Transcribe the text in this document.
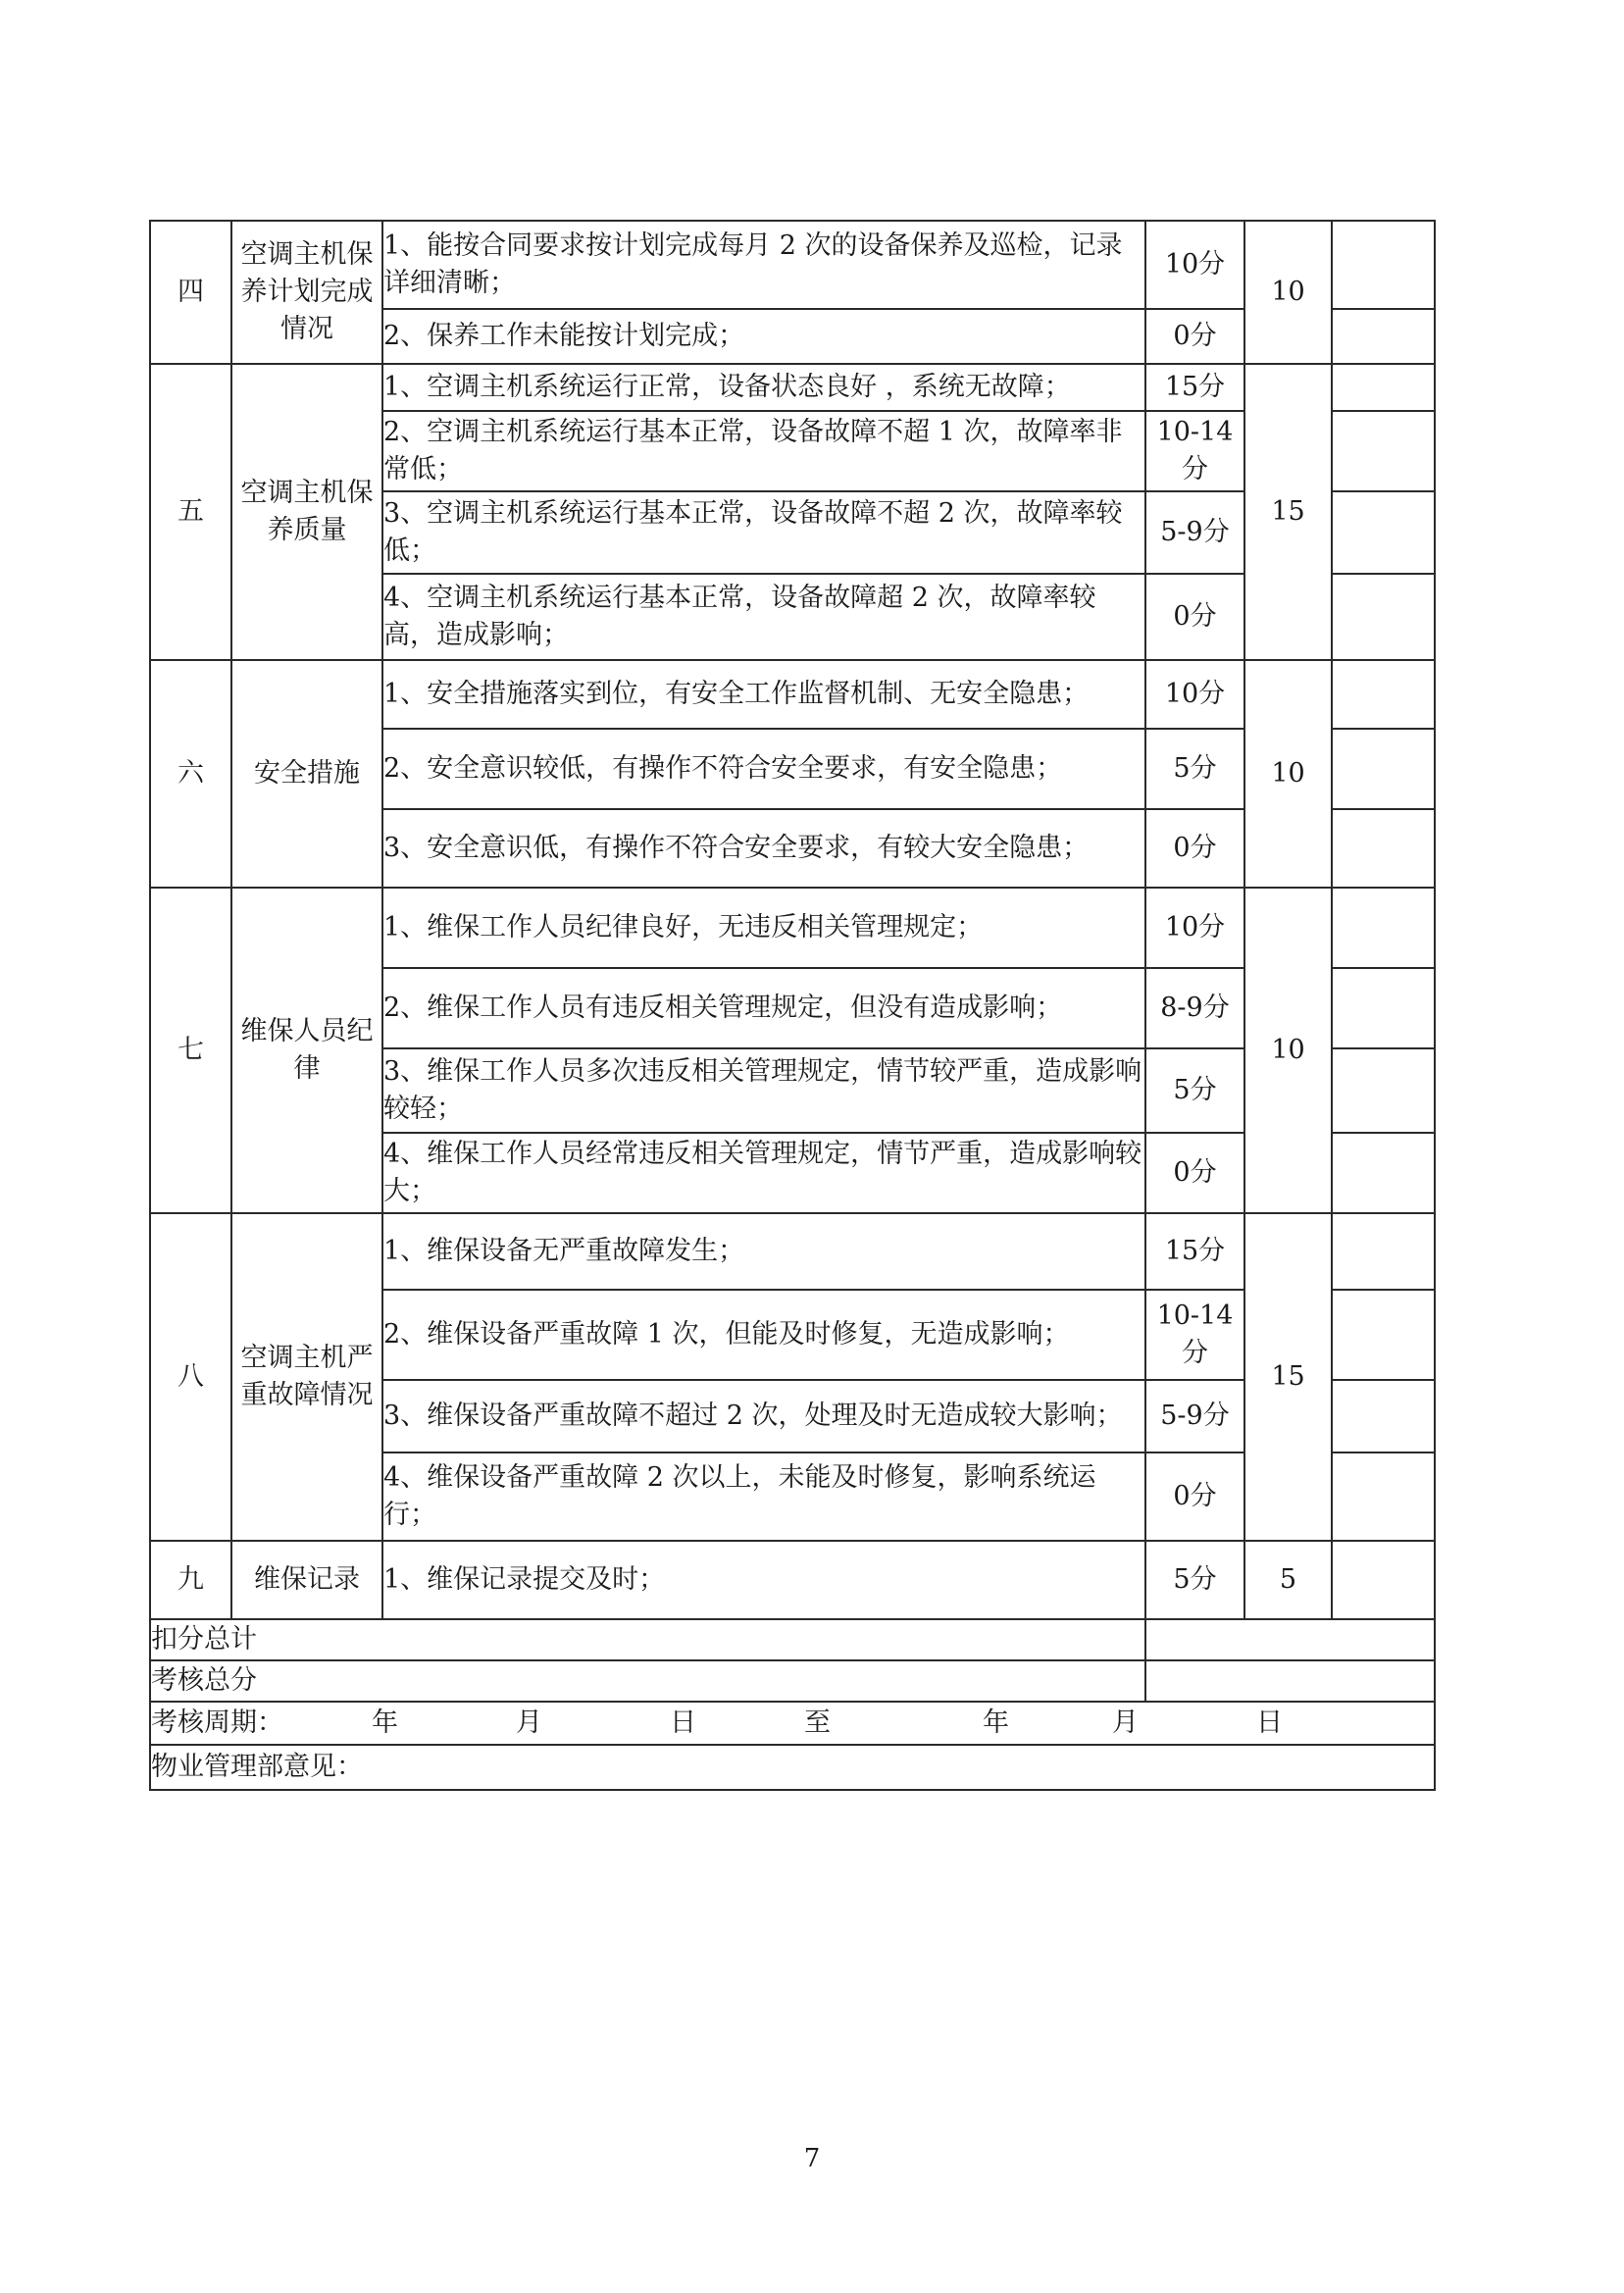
四	空调主机保养计划完成情况	1、能按合同要求按计划完成每月 2 次的设备保养及巡检，记录详细清晰；	10分	10	
		2、保养工作未能按计划完成；	0分		
五	空调主机保养质量	1、空调主机系统运行正常，设备状态良好 ，系统无故障；	15分	15	
		2、空调主机系统运行基本正常，设备故障不超 1 次，故障率非常低；	10-14分		
		3、空调主机系统运行基本正常，设备故障不超 2 次，故障率较低；	5-9分		
		4、空调主机系统运行基本正常，设备故障超 2 次，故障率较高，造成影响；	0分		
六	安全措施	1、安全措施落实到位，有安全工作监督机制、无安全隐患；	10分	10	
		2、安全意识较低，有操作不符合安全要求，有安全隐患；	5分		
		3、安全意识低，有操作不符合安全要求，有较大安全隐患；	0分		
七	维保人员纪律	1、维保工作人员纪律良好，无违反相关管理规定；	10分	10	
		2、维保工作人员有违反相关管理规定，但没有造成影响；	8-9分		
		3、维保工作人员多次违反相关管理规定，情节较严重，造成影响较轻；	5分		
		4、维保工作人员经常违反相关管理规定，情节严重，造成影响较大；	0分		
八	空调主机严重故障情况	1、维保设备无严重故障发生；	15分	15	
		2、维保设备严重故障 1 次，但能及时修复，无造成影响；	10-14分		
		3、维保设备严重故障不超过 2 次，处理及时无造成较大影响；	5-9分		
		4、维保设备严重故障 2 次以上，未能及时修复，影响系统运行；	0分		
九	维保记录	1、维保记录提交及时；	5分	5	
扣分总计					
考核总分					
考核周期： 年 月 日 至 年 月 日					
物业管理部意见：					
7
